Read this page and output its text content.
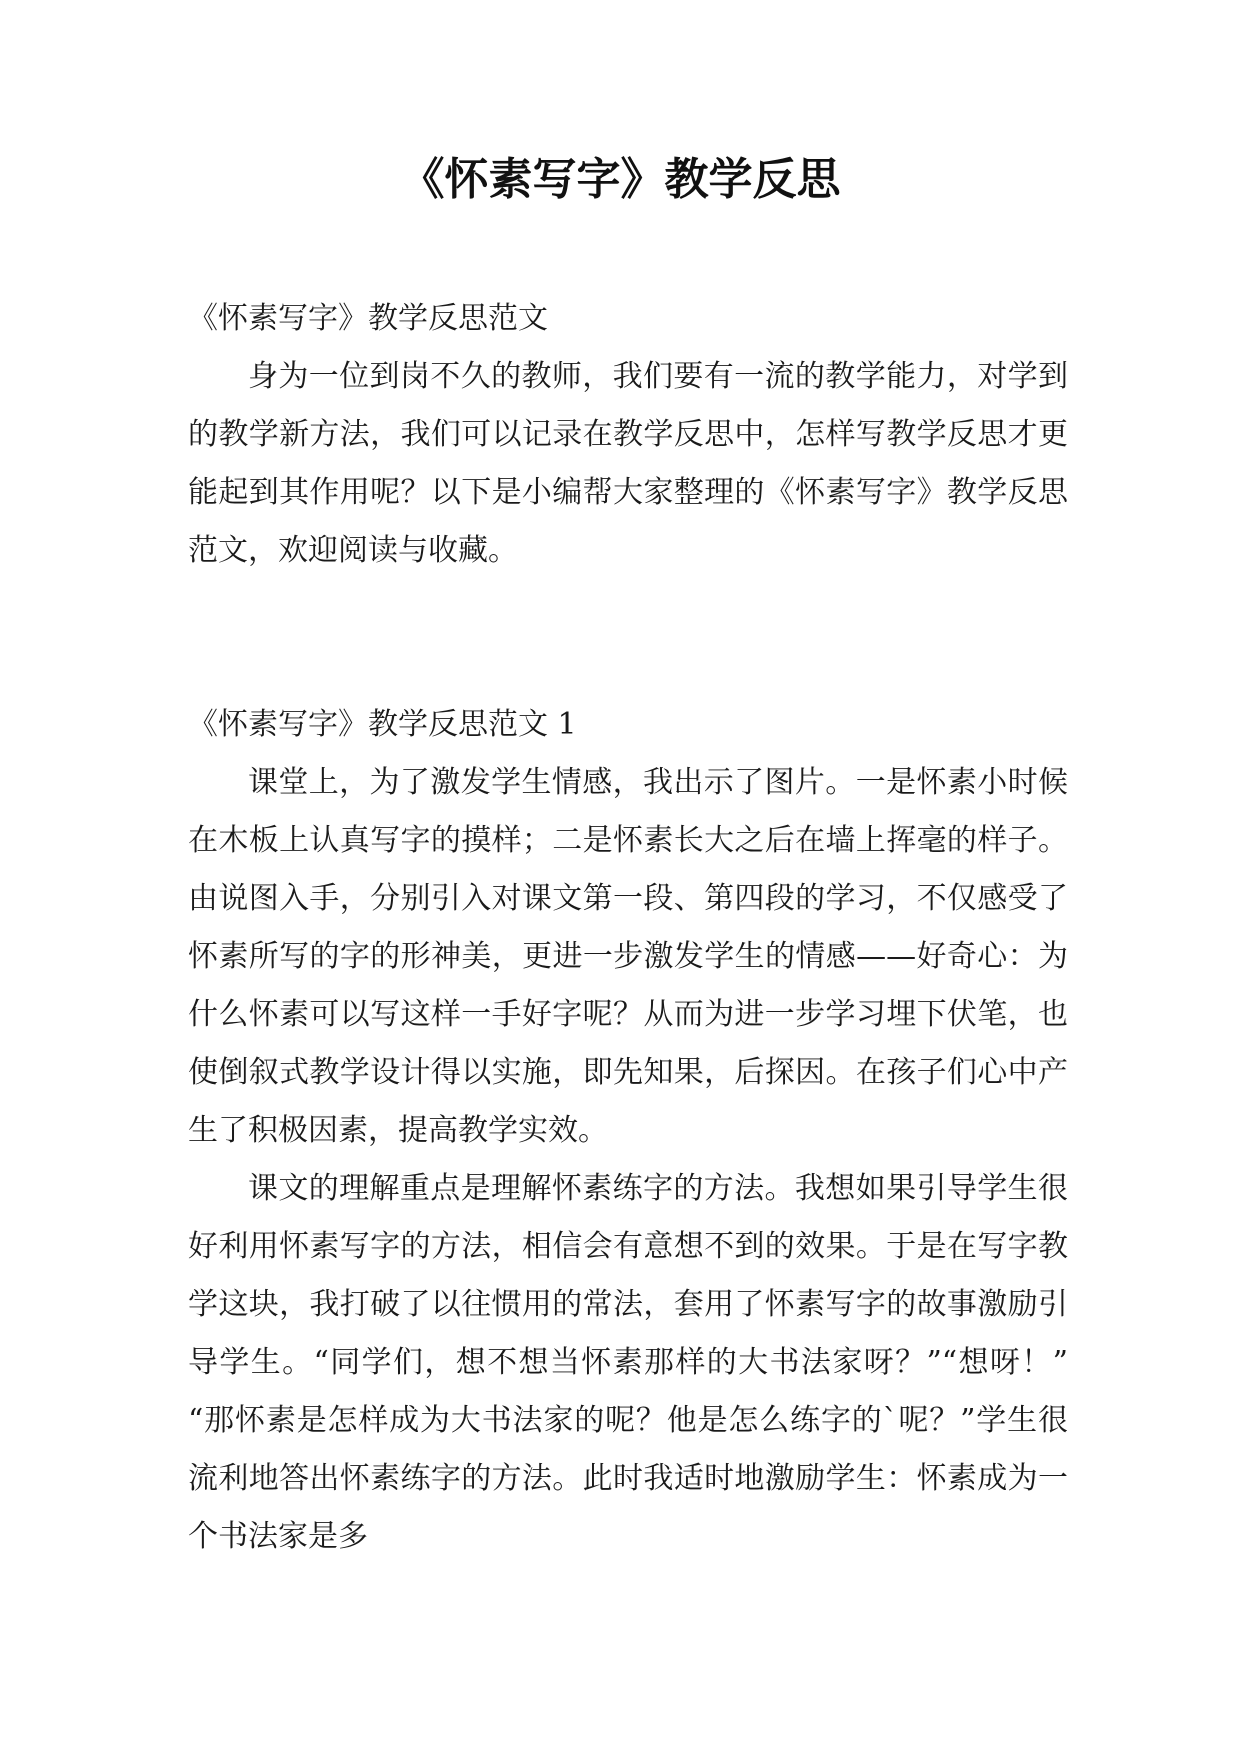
《怀素写字》教学反思

《怀素写字》教学反思范文

身为一位到岗不久的教师，我们要有一流的教学能力，对学到的教学新方法，我们可以记录在教学反思中，怎样写教学反思才更能起到其作用呢？以下是小编帮大家整理的《怀素写字》教学反思范文，欢迎阅读与收藏。

《怀素写字》教学反思范文 1

课堂上，为了激发学生情感，我出示了图片。一是怀素小时候在木板上认真写字的摸样；二是怀素长大之后在墙上挥毫的样子。由说图入手，分别引入对课文第一段、第四段的学习，不仅感受了怀素所写的字的形神美，更进一步激发学生的情感——好奇心：为什么怀素可以写这样一手好字呢？从而为进一步学习埋下伏笔，也使倒叙式教学设计得以实施，即先知果，后探因。在孩子们心中产生了积极因素，提高教学实效。

课文的理解重点是理解怀素练字的方法。我想如果引导学生很好利用怀素写字的方法，相信会有意想不到的效果。于是在写字教学这块，我打破了以往惯用的常法，套用了怀素写字的故事激励引导学生。“同学们，想不想当怀素那样的大书法家呀？”“想呀！” “那怀素是怎样成为大书法家的呢？他是怎么练字的`呢？”学生很流利地答出怀素练字的方法。此时我适时地激励学生：怀素成为一个书法家是多
